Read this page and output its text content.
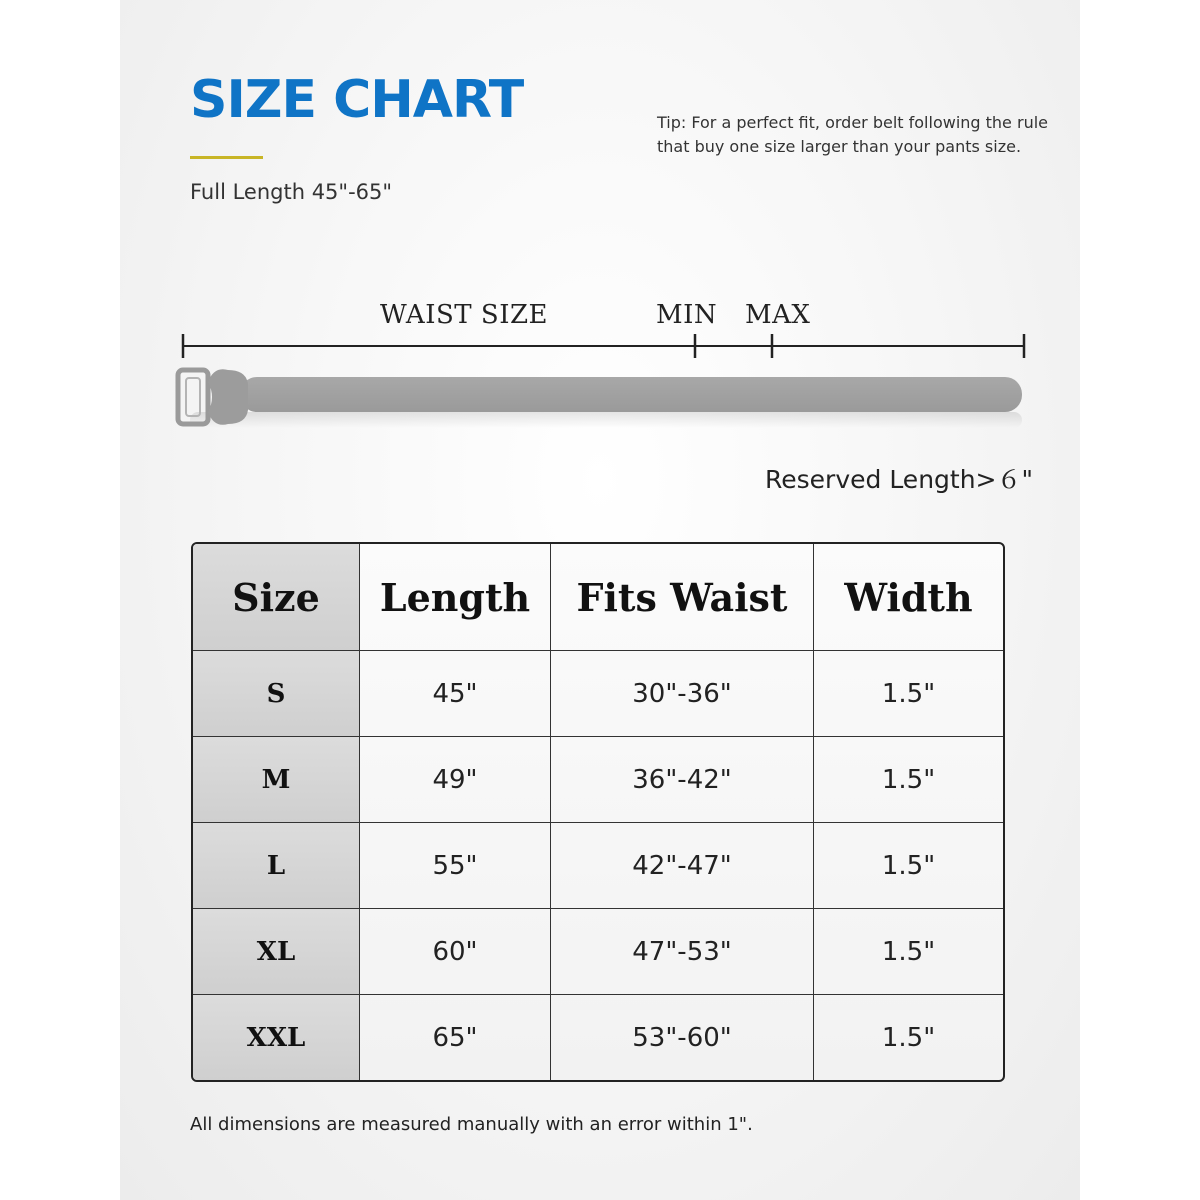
SIZE CHART
Full Length 45"-65"
Tip: For a perfect fit, order belt following the rule that buy one size larger than your pants size.
WAIST SIZE	MIN MAX
Reserved Length>６"
Size	Length	Fits Waist	Width
S	45"	30"-36"	1.5"
M	49"	36"-42"	1.5"
L	55"	42"-47"	1.5"
XL	60"	47"-53"	1.5"
XXL	65"	53"-60"	1.5"
All dimensions are measured manually with an error within 1".
